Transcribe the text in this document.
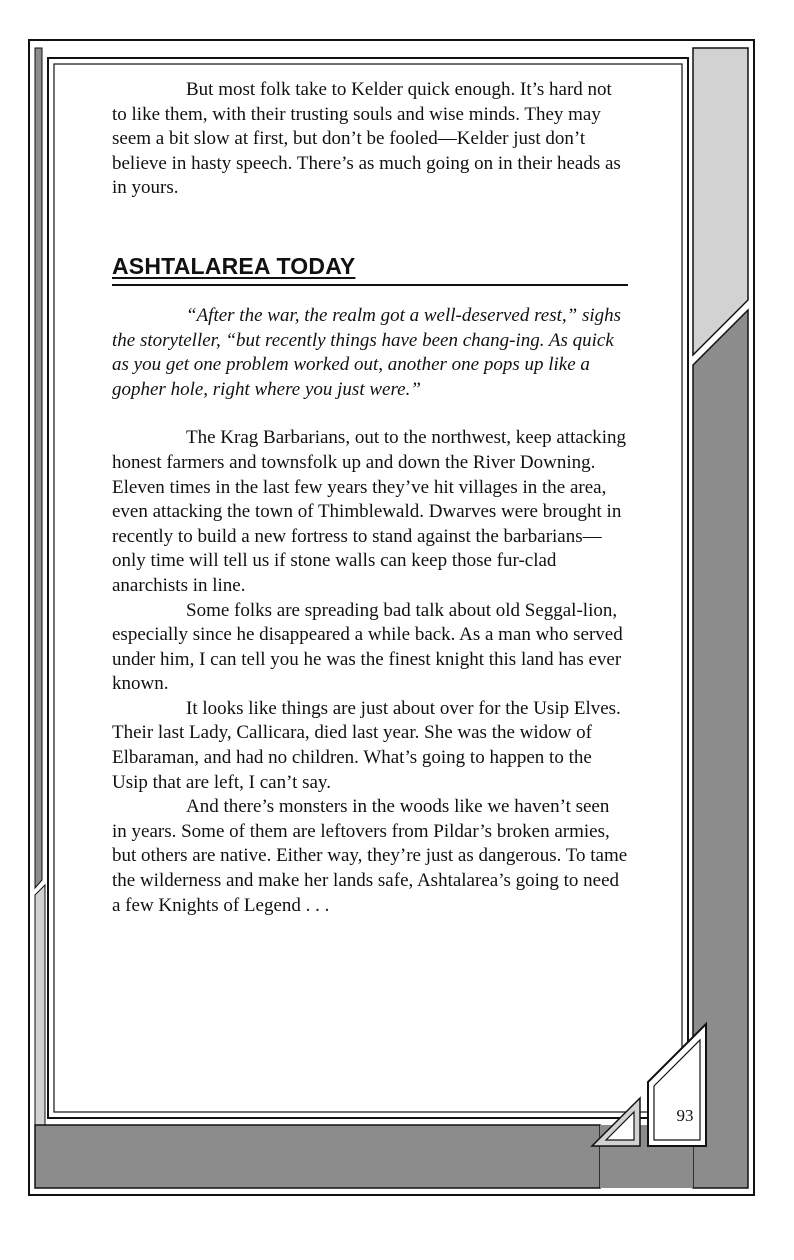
But most folk take to Kelder quick enough. It’s hard not to like them, with their trusting souls and wise minds. They may seem a bit slow at first, but don’t be fooled—Kelder just don’t believe in hasty speech. There’s as much going on in their heads as in yours.

ASHTALAREA TODAY

“After the war, the realm got a well-deserved rest,” sighs the storyteller, “but recently things have been chang-ing. As quick as you get one problem worked out, another one pops up like a gopher hole, right where you just were.”

The Krag Barbarians, out to the northwest, keep attacking honest farmers and townsfolk up and down the River Downing. Eleven times in the last few years they’ve hit villages in the area, even attacking the town of Thimblewald. Dwarves were brought in recently to build a new fortress to stand against the barbarians—only time will tell us if stone walls can keep those fur-clad anarchists in line.

Some folks are spreading bad talk about old Seggal-lion, especially since he disappeared a while back. As a man who served under him, I can tell you he was the finest knight this land has ever known.

It looks like things are just about over for the Usip Elves. Their last Lady, Callicara, died last year. She was the widow of Elbaraman, and had no children. What’s going to happen to the Usip that are left, I can’t say.

And there’s monsters in the woods like we haven’t seen in years. Some of them are leftovers from Pildar’s broken armies, but others are native. Either way, they’re just as dangerous. To tame the wilderness and make her lands safe, Ashtalarea’s going to need a few Knights of Legend . . .

93
